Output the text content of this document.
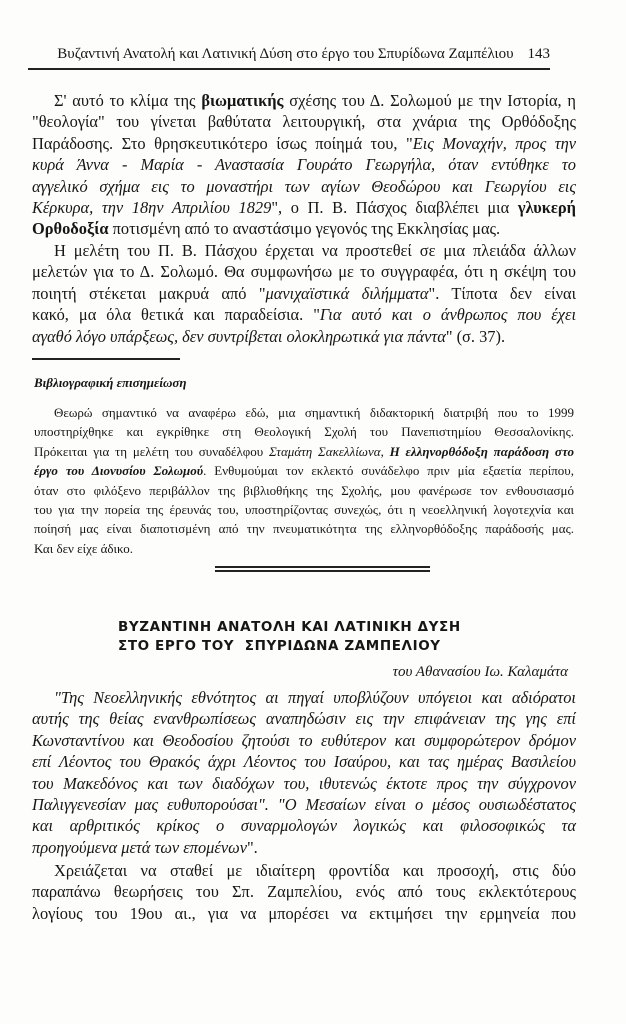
Βυζαντινή Ανατολή και Λατινική Δύση στο έργο του Σπυρίδωνα Ζαμπέλιου 143
Σ' αυτό το κλίμα της βιωματικής σχέσης του Δ. Σολωμού με την Ιστορία, η
"θεολογία" του γίνεται βαθύτατα λειτουργική, στα χνάρια της Ορθόδοξης
Παράδοσης. Στο θρησκευτικότερο ίσως ποίημά του, "Εις Μοναχήν, προς την
κυρά Άννα - Μαρία - Αναστασία Γουράτο Γεωργήλα, όταν εντύθηκε το
αγγελικό σχήμα εις το μοναστήρι των αγίων Θεοδώρου και Γεωργίου εις
Κέρκυρα, την 18ην Απριλίου 1829", ο Π. Β. Πάσχος διαβλέπει μια γλυκερή
Ορθοδοξία ποτισμένη από το αναστάσιμο γεγονός της Εκκλησίας μας.
Η μελέτη του Π. Β. Πάσχου έρχεται να προστεθεί σε μια πλειάδα άλλων
μελετών για το Δ. Σολωμό. Θα συμφωνήσω με το συγγραφέα, ότι η σκέψη του
ποιητή στέκεται μακρυά από "μανιχαϊστικά διλήμματα". Τίποτα δεν είναι
κακό, μα όλα θετικά και παραδείσια. "Για αυτό και ο άνθρωπος που έχει
αγαθό λόγο υπάρξεως, δεν συντρίβεται ολοκληρωτικά για πάντα" (σ. 37).
Βιβλιογραφική επισημείωση
Θεωρώ σημαντικό να αναφέρω εδώ, μια σημαντική διδακτορική διατριβή που το 1999
υποστηρίχθηκε και εγκρίθηκε στη Θεολογική Σχολή του Πανεπιστημίου Θεσσαλονίκης.
Πρόκειται για τη μελέτη του συναδέλφου Σταμάτη Σακελλίωνα, Η ελληνορθόδοξη παράδοση στο
έργο του Διονυσίου Σολωμού. Ενθυμούμαι τον εκλεκτό συνάδελφο πριν μία εξαετία περίπου,
όταν στο φιλόξενο περιβάλλον της βιβλιοθήκης της Σχολής, μου φανέρωσε τον ενθουσιασμό
του για την πορεία της έρευνάς του, υποστηρίζοντας συνεχώς, ότι η νεοελληνική λογοτεχνία και
ποίησή μας είναι διαποτισμένη από την πνευματικότητα της ελληνορθόδοξης παράδοσής μας.
Και δεν είχε άδικο.
ΒΥΖΑΝΤΙΝΗ ΑΝΑΤΟΛΗ ΚΑΙ ΛΑΤΙΝΙΚΗ ΔΥΣΗ
ΣΤΟ ΕΡΓΟ ΤΟΥ  ΣΠΥΡΙΔΩΝΑ ΖΑΜΠΕΛΙΟΥ
του Αθανασίου Ιω. Καλαμάτα
"Της Νεοελληνικής εθνότητος αι πηγαί υποβλύζουν υπόγειοι και αδιόρατοι
αυτής της θείας ενανθρωπίσεως αναπηδώσιν εις την επιφάνειαν της γης επί
Κωνσταντίνου και Θεοδοσίου ζητούσι το ευθύτερον και συμφορώτερον δρόμον
επί Λέοντος του Θρακός άχρι Λέοντος του Ισαύρου, και τας ημέρας Βασιλείου
του Μακεδόνος και των διαδόχων του, ιθυτενώς έκτοτε προς την σύγχρονον
Παλιγγενεσίαν μας ευθυπορούσαι". "Ο Μεσαίων είναι ο μέσος ουσιωδέστατος
και αρθριτικός κρίκος ο συναρμολογών λογικώς και φιλοσοφικώς τα
προηγούμενα μετά των επομένων".
Χρειάζεται να σταθεί με ιδιαίτερη φροντίδα και προσοχή, στις δύο
παραπάνω θεωρήσεις του Σπ. Ζαμπελίου, ενός από τους εκλεκτότερους
λογίους του 19ου αι., για να μπορέσει να εκτιμήσει την ερμηνεία που
